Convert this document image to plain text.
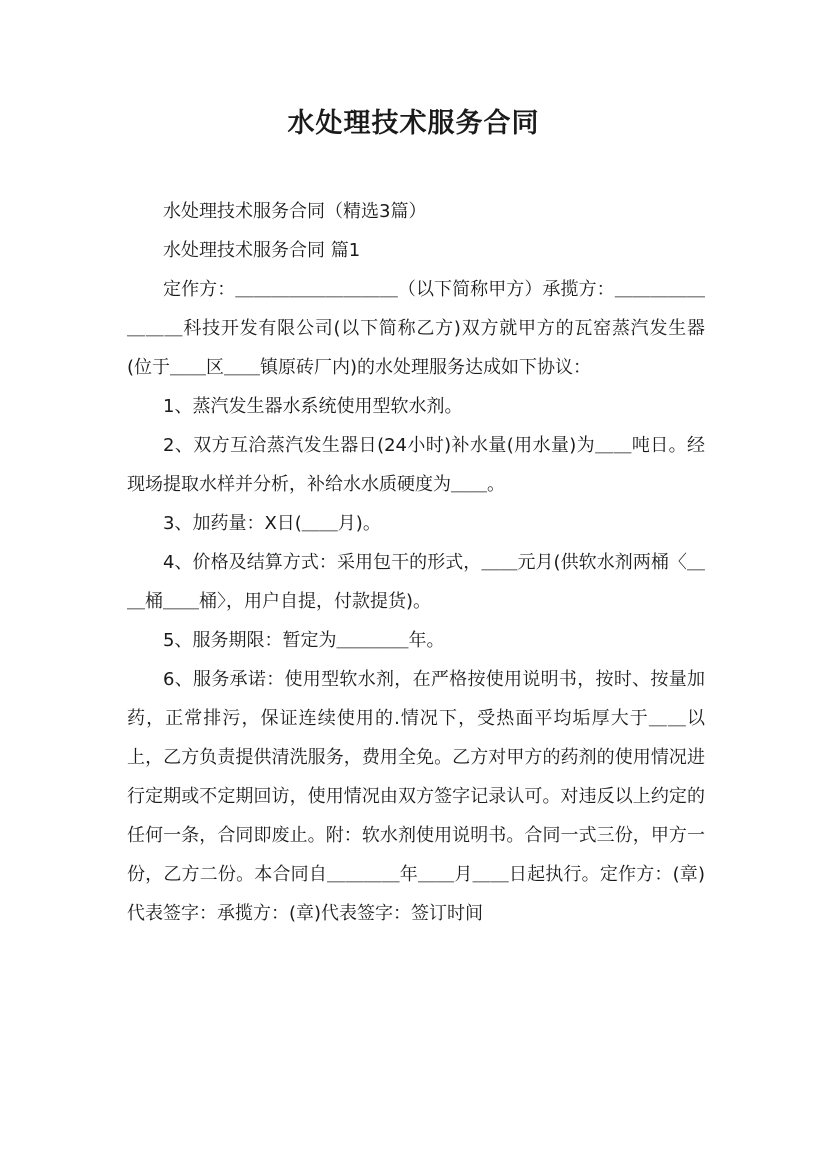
水处理技术服务合同

水处理技术服务合同（精选3篇）

水处理技术服务合同 篇1

定作方：＿＿＿＿＿＿＿＿＿（以下简称甲方）承揽方：＿＿＿＿＿＿＿＿科技开发有限公司(以下简称乙方)双方就甲方的瓦窑蒸汽发生器(位于＿＿区＿＿镇原砖厂内)的水处理服务达成如下协议：

1、蒸汽发生器水系统使用型软水剂。

2、双方互洽蒸汽发生器日(24小时)补水量(用水量)为＿＿吨日。经现场提取水样并分析，补给水水质硬度为＿＿。

3、加药量：X日(＿＿月)。

4、价格及结算方式：采用包干的形式，＿＿元月(供软水剂两桶〈＿＿桶＿＿桶〉，用户自提，付款提货)。

5、服务期限：暂定为＿＿＿＿年。

6、服务承诺：使用型软水剂，在严格按使用说明书，按时、按量加药，正常排污，保证连续使用的.情况下，受热面平均垢厚大于＿＿以上，乙方负责提供清洗服务，费用全免。乙方对甲方的药剂的使用情况进行定期或不定期回访，使用情况由双方签字记录认可。对违反以上约定的任何一条，合同即废止。附：软水剂使用说明书。合同一式三份，甲方一份，乙方二份。本合同自＿＿＿＿年＿＿月＿＿日起执行。定作方：(章)代表签字：承揽方：(章)代表签字：签订时间
